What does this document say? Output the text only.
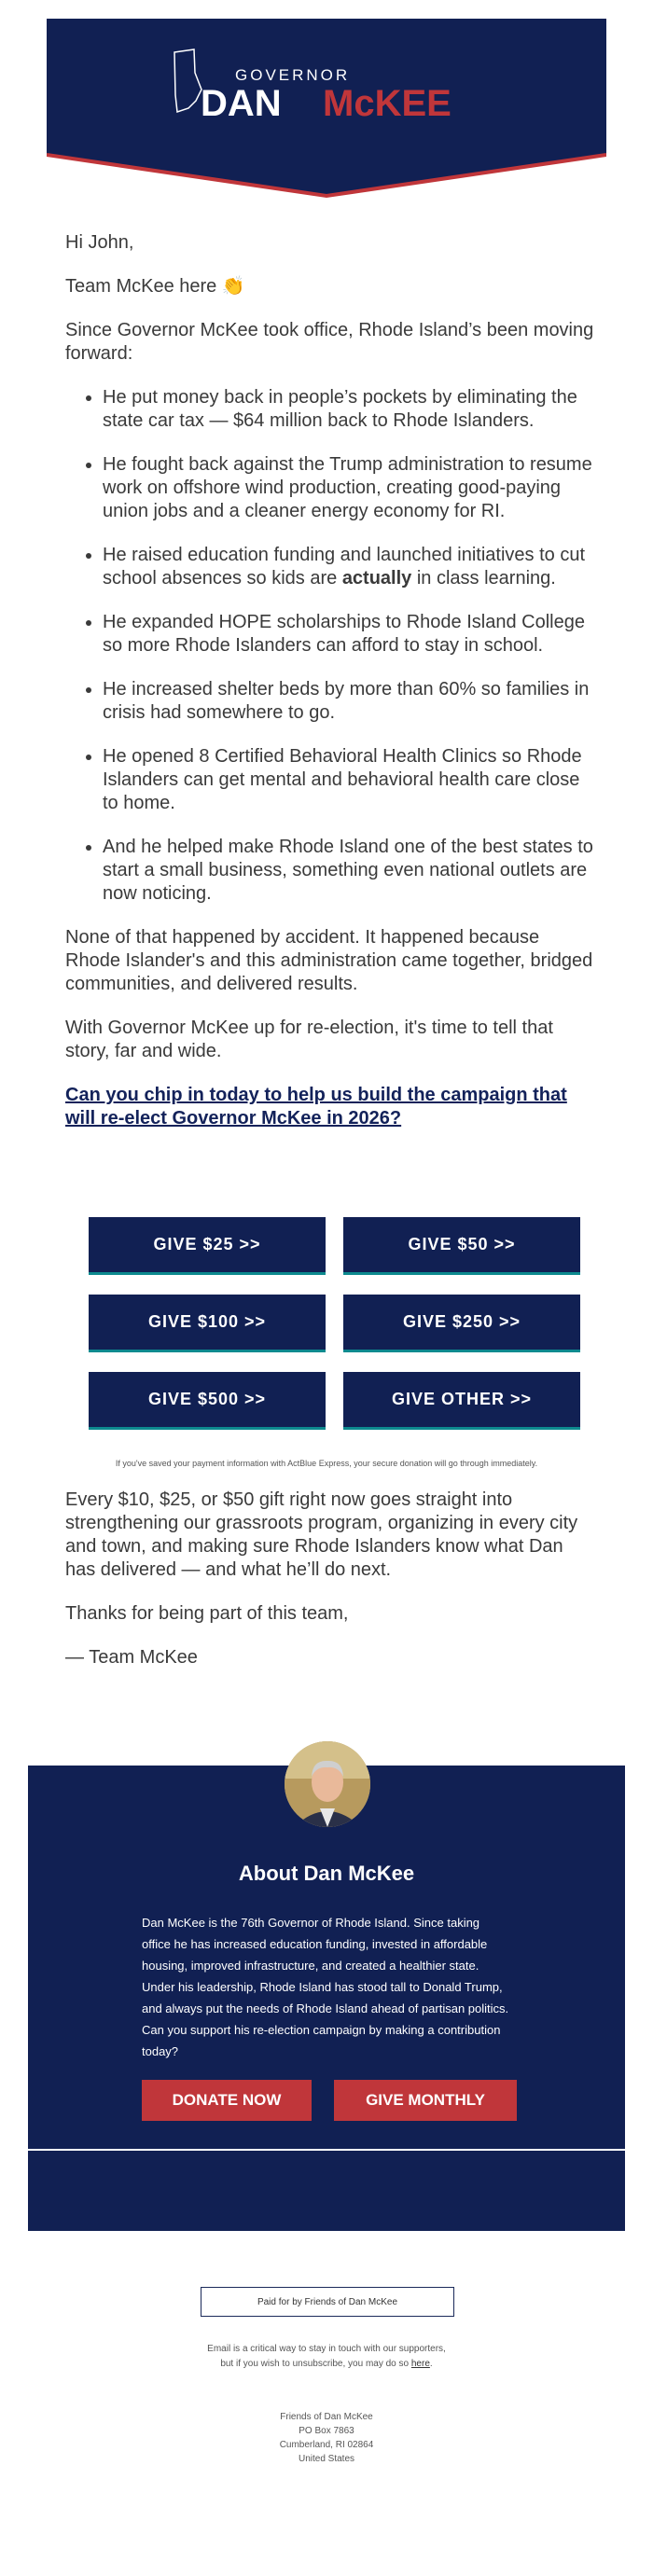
GOVERNOR
DAN McKEE

Hi John,

Team McKee here 👏

Since Governor McKee took office, Rhode Island’s been moving forward:

• He put money back in people’s pockets by eliminating the state car tax — $64 million back to Rhode Islanders.
• He fought back against the Trump administration to resume work on offshore wind production, creating good-paying union jobs and a cleaner energy economy for RI.
• He raised education funding and launched initiatives to cut school absences so kids are actually in class learning.
• He expanded HOPE scholarships to Rhode Island College so more Rhode Islanders can afford to stay in school.
• He increased shelter beds by more than 60% so families in crisis had somewhere to go.
• He opened 8 Certified Behavioral Health Clinics so Rhode Islanders can get mental and behavioral health care close to home.
• And he helped make Rhode Island one of the best states to start a small business, something even national outlets are now noticing.

None of that happened by accident. It happened because Rhode Islander's and this administration came together, bridged communities, and delivered results.

With Governor McKee up for re-election, it's time to tell that story, far and wide.

Can you chip in today to help us build the campaign that will re-elect Governor McKee in 2026?

GIVE $25 >>	GIVE $50 >>
GIVE $100 >>	GIVE $250 >>
GIVE $500 >>	GIVE OTHER >>
If you've saved your payment information with ActBlue Express, your secure donation will go through immediately.

Every $10, $25, or $50 gift right now goes straight into strengthening our grassroots program, organizing in every city and town, and making sure Rhode Islanders know what Dan has delivered — and what he’ll do next.

Thanks for being part of this team,

— Team McKee

About Dan McKee
Dan McKee is the 76th Governor of Rhode Island. Since taking office he has increased education funding, invested in affordable housing, improved infrastructure, and created a healthier state. Under his leadership, Rhode Island has stood tall to Donald Trump, and always put the needs of Rhode Island ahead of partisan politics. Can you support his re-election campaign by making a contribution today?
DONATE NOW	GIVE MONTHLY
Paid for by Friends of Dan McKee
Email is a critical way to stay in touch with our supporters, but if you wish to unsubscribe, you may do so here.
Friends of Dan McKee
PO Box 7863
Cumberland, RI 02864
United States
